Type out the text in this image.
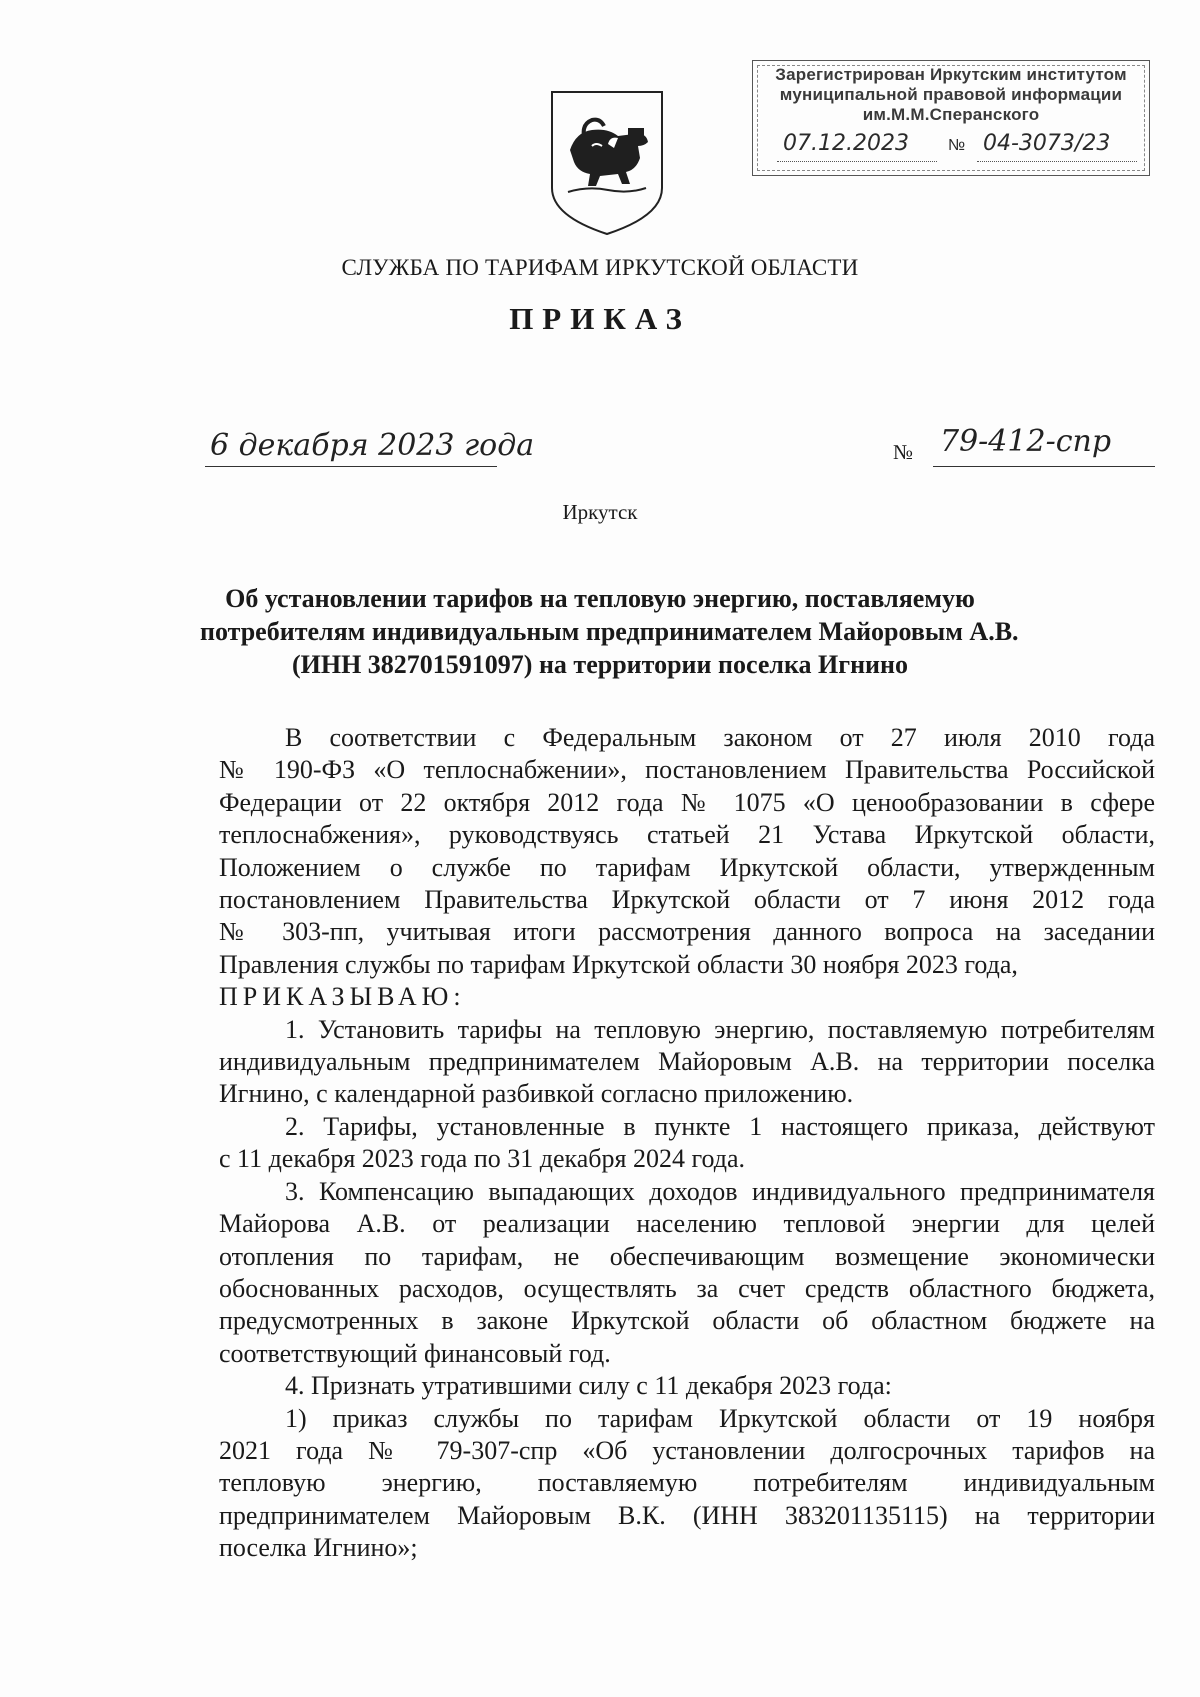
Зарегистрирован Иркутским институтом
муниципальной правовой информации
им.М.М.Сперанского
07.12.2023 № 04-3073/23
СЛУЖБА ПО ТАРИФАМ ИРКУТСКОЙ ОБЛАСТИ
ПРИКАЗ
6 декабря 2023 года	№ 79-412-спр
Иркутск
Об установлении тарифов на тепловую энергию, поставляемую
потребителям индивидуальным предпринимателем Майоровым А.В.
(ИНН 382701591097) на территории поселка Игнино
В соответствии с Федеральным законом от 27 июля 2010 года
№ 190-ФЗ «О теплоснабжении», постановлением Правительства Российской
Федерации от 22 октября 2012 года № 1075 «О ценообразовании в сфере
теплоснабжения», руководствуясь статьей 21 Устава Иркутской области,
Положением о службе по тарифам Иркутской области, утвержденным
постановлением Правительства Иркутской области от 7 июня 2012 года
№ 303-пп, учитывая итоги рассмотрения данного вопроса на заседании
Правления службы по тарифам Иркутской области 30 ноября 2023 года,
ПРИКАЗЫВАЮ:
1. Установить тарифы на тепловую энергию, поставляемую потребителям
индивидуальным предпринимателем Майоровым А.В. на территории поселка
Игнино, с календарной разбивкой согласно приложению.
2. Тарифы, установленные в пункте 1 настоящего приказа, действуют
с 11 декабря 2023 года по 31 декабря 2024 года.
3. Компенсацию выпадающих доходов индивидуального предпринимателя
Майорова А.В. от реализации населению тепловой энергии для целей
отопления по тарифам, не обеспечивающим возмещение экономически
обоснованных расходов, осуществлять за счет средств областного бюджета,
предусмотренных в законе Иркутской области об областном бюджете на
соответствующий финансовый год.
4. Признать утратившими силу с 11 декабря 2023 года:
1) приказ службы по тарифам Иркутской области от 19 ноября
2021 года № 79-307-спр «Об установлении долгосрочных тарифов на
тепловую энергию, поставляемую потребителям индивидуальным
предпринимателем Майоровым В.К. (ИНН 383201135115) на территории
поселка Игнино»;
